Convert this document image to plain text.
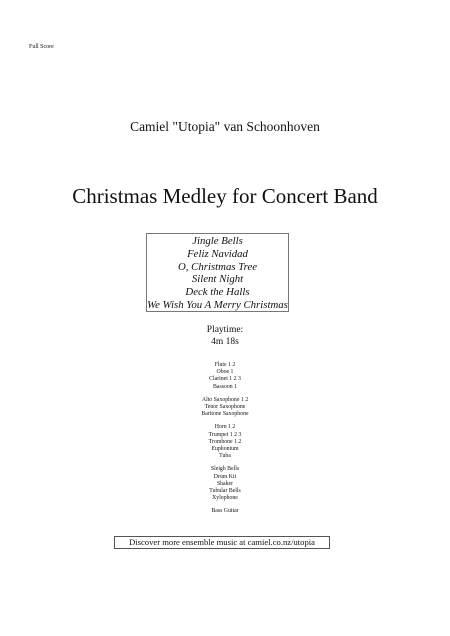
Full Score
Camiel "Utopia" van Schoonhoven
Christmas Medley for Concert Band
Jingle Bells
Feliz Navidad
O, Christmas Tree
Silent Night
Deck the Halls
We Wish You A Merry Christmas
Playtime:
4m 18s
Flute 1 2
Oboe 1
Clarinet 1 2 3
Bassoon 1
Alto Saxophone 1 2
Tenor Saxophone
Baritone Saxophone
Horn 1 2
Trumpet 1 2 3
Trombone 1 2
Euphonium
Tuba
Sleigh Bells
Drum Kit
Shaker
Tubular Bells
Xylophone
Bass Guitar
Discover more ensemble music at camiel.co.nz/utopia
